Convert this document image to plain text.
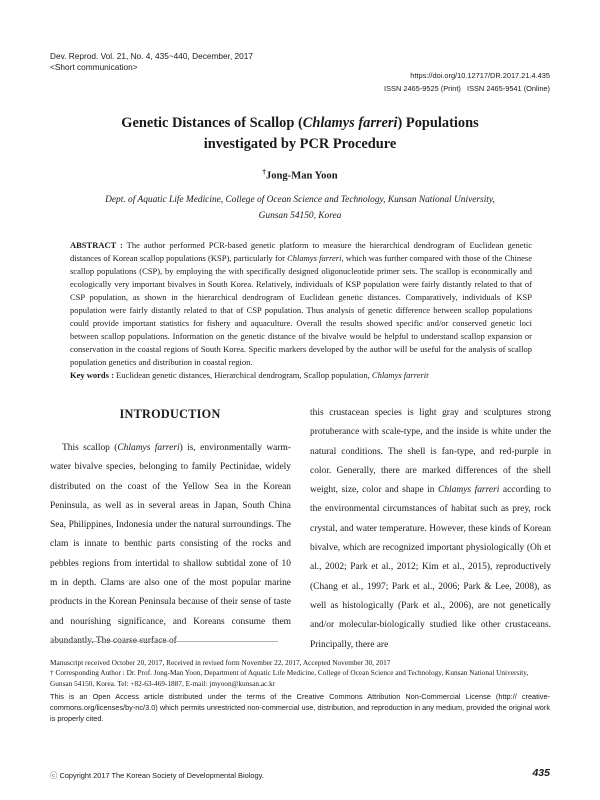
Dev. Reprod. Vol. 21, No. 4, 435~440, December, 2017
<Short communication>
https://doi.org/10.12717/DR.2017.21.4.435
ISSN 2465-9525 (Print)   ISSN 2465-9541 (Online)
Genetic Distances of Scallop (Chlamys farreri) Populations
investigated by PCR Procedure
†Jong-Man Yoon
Dept. of Aquatic Life Medicine, College of Ocean Science and Technology, Kunsan National University,
Gunsan 54150, Korea

ABSTRACT : The author performed PCR-based genetic platform to measure the hierarchical dendrogram of Euclidean genetic distances of Korean scallop populations (KSP), particularly for Chlamys farreri, which was further compared with those of the Chinese scallop populations (CSP), by employing the with specifically designed oligonucleotide primer sets. The scallop is economically and ecologically very important bivalves in South Korea. Relatively, individuals of KSP population were fairly distantly related to that of CSP population, as shown in the hierarchical dendrogram of Euclidean genetic distances. Comparatively, individuals of KSP population were fairly distantly related to that of CSP population. Thus analysis of genetic difference between scallop populations could provide important statistics for fishery and aquaculture. Overall the results showed specific and/or conserved genetic loci between scallop populations. Information on the genetic distance of the bivalve would be helpful to understand scallop expansion or conservation in the coastal regions of South Korea. Specific markers developed by the author will be useful for the analysis of scallop population genetics and distribution in coastal region.

Key words : Euclidean genetic distances, Hierarchical dendrogram, Scallop population, Chlamys farrerit

INTRODUCTION

This scallop (Chlamys farreri) is, environmentally warm-water bivalve species, belonging to family Pectinidae, widely distributed on the coast of the Yellow Sea in the Korean Peninsula, as well as in several areas in Japan, South China Sea, Philippines, Indonesia under the natural surroundings. The clam is innate to benthic parts consisting of the rocks and pebbles regions from intertidal to shallow subtidal zone of 10 m in depth. Clams are also one of the most popular marine products in the Korean Peninsula because of their sense of taste and nourishing significance, and Koreans consume them abundantly. The coarse surface of

this crustacean species is light gray and sculptures strong protuberance with scale-type, and the inside is white under the natural conditions. The shell is fan-type, and red-purple in color. Generally, there are marked differences of the shell weight, size, color and shape in Chlamys farreri according to the environmental circumstances of habitat such as prey, rock crystal, and water temperature. However, these kinds of Korean bivalve, which are recognized important physiologically (Oh et al., 2002; Park et al., 2012; Kim et al., 2015), reproductively (Chang et al., 1997; Park et al., 2006; Park & Lee, 2008), as well as histologically (Park et al., 2006), are not genetically and/or molecular-biologically studied like other crustaceans. Principally, there are

Manuscript received October 20, 2017, Received in revised form November 22, 2017, Accepted November 30, 2017
† Corresponding Author : Dr. Prof. Jong-Man Yoon, Department of Aquatic Life Medicine, College of Ocean Science and Technology, Kunsan National University, Gunsan 54150, Korea. Tel: +82-63-469-1887, E-mail: jmyoon@kunsan.ac.kr
This is an Open Access article distributed under the terms of the Creative Commons Attribution Non-Commercial License (http:// creative-commons.org/licenses/by-nc/3.0) which permits unrestricted non-commercial use, distribution, and reproduction in any medium, provided the original work is properly cited.
ⓒ Copyright 2017 The Korean Society of Developmental Biology.	435
